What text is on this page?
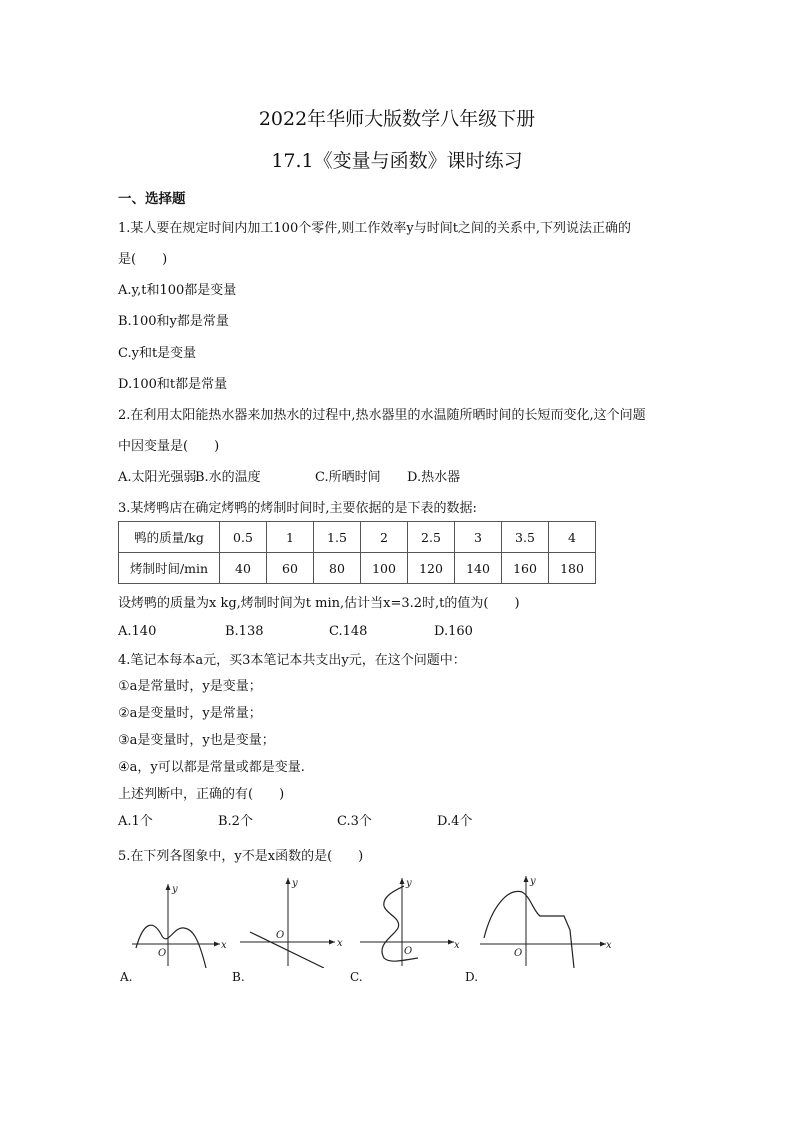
2022年华师大版数学八年级下册
17.1《变量与函数》课时练习
一、选择题
1.某人要在规定时间内加工100个零件,则工作效率y与时间t之间的关系中,下列说法正确的
是(　　)
A.y,t和100都是变量
B.100和y都是常量
C.y和t是变量
D.100和t都是常量
2.在利用太阳能热水器来加热水的过程中,热水器里的水温随所晒时间的长短而变化,这个问题
中因变量是(　　)
A.太阳光强弱
B.水的温度	C.所晒时间 D.热水器
3.某烤鸭店在确定烤鸭的烤制时间时,主要依据的是下表的数据:
鸭的质量/kg	0.5	1	1.5	2	2.5	3	3.5	4
烤制时间/min	40	60	80	100	120	140	160	180
设烤鸭的质量为x kg,烤制时间为t min,估计当x=3.2时,t的值为(　　)
A.140	B.138	C.148	D.160
4.笔记本每本a元，买3本笔记本共支出y元，在这个问题中：
①a是常量时，y是变量；
②a是变量时，y是常量；
③a是变量时，y也是变量；
④a，y可以都是常量或都是变量.
上述判断中，正确的有(　　)
A.1个	B.2个	C.3个	D.4个
5.在下列各图象中，y不是x函数的是(　　)
x
y
O
A.
x
y
O
B.
x
y
O
C.
x
y
O
D.
